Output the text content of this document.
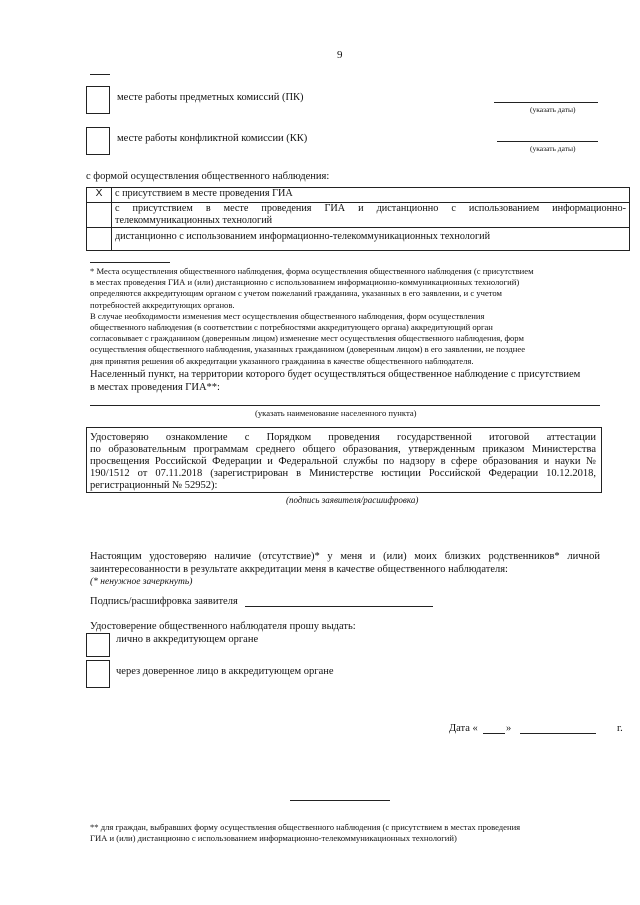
9
месте работы предметных комиссий (ПК)
(указать даты)
месте работы конфликтной комиссии (КК)
(указать даты)
с формой осуществления общественного наблюдения:
X	с присутствием в месте проведения ГИА

	с присутствием в месте проведения ГИА и дистанционно с использованием информационно-
телекоммуникационных технологий

	дистанционно с использованием информационно-телекоммуникационных технологий
* Места осуществления общественного наблюдения, форма осуществления общественного наблюдения (с присутствием
в местах проведения ГИА и (или) дистанционно с использованием информационно-коммуникационных технологий)
определяются аккредитующим органом с учетом пожеланий гражданина, указанных в его заявлении, и с учетом
потребностей аккредитующих органов.
В случае необходимости изменения мест осуществления общественного наблюдения, форм осуществления
общественного наблюдения (в соответствии с потребностями аккредитующего органа) аккредитующий орган
согласовывает с гражданином (доверенным лицом) изменение мест осуществления общественного наблюдения, форм
осуществления общественного наблюдения, указанных гражданином (доверенным лицом) в его заявлении, не позднее
дня принятия решения об аккредитации указанного гражданина в качестве общественного наблюдателя.
Населенный пункт, на территории которого будет осуществляться общественное наблюдение с присутствием
в местах проведения ГИА**:
(указать наименование населенного пункта)
Удостоверяю ознакомление с Порядком проведения государственной итоговой аттестации
по образовательным программам среднего общего образования, утвержденным приказом Министерства
просвещения Российской Федерации и Федеральной службы по надзору в сфере образования и науки №
190/1512 от 07.11.2018 (зарегистрирован в Министерстве юстиции Российской Федерации 10.12.2018,
регистрационный № 52952):
(подпись заявителя/расшифровка)
Настоящим удостоверяю наличие (отсутствие)* у меня и (или) моих близких родственников* личной
заинтересованности в результате аккредитации меня в качестве общественного наблюдателя:
(* ненужное зачеркнуть)
Подпись/расшифровка заявителя
Удостоверение общественного наблюдателя прошу выдать:
лично в аккредитующем органе
через доверенное лицо в аккредитующем органе
Дата «	»	г.
** для граждан, выбравших форму осуществления общественного наблюдения (с присутствием в местах проведения
ГИА и (или) дистанционно с использованием информационно-телекоммуникационных технологий)
